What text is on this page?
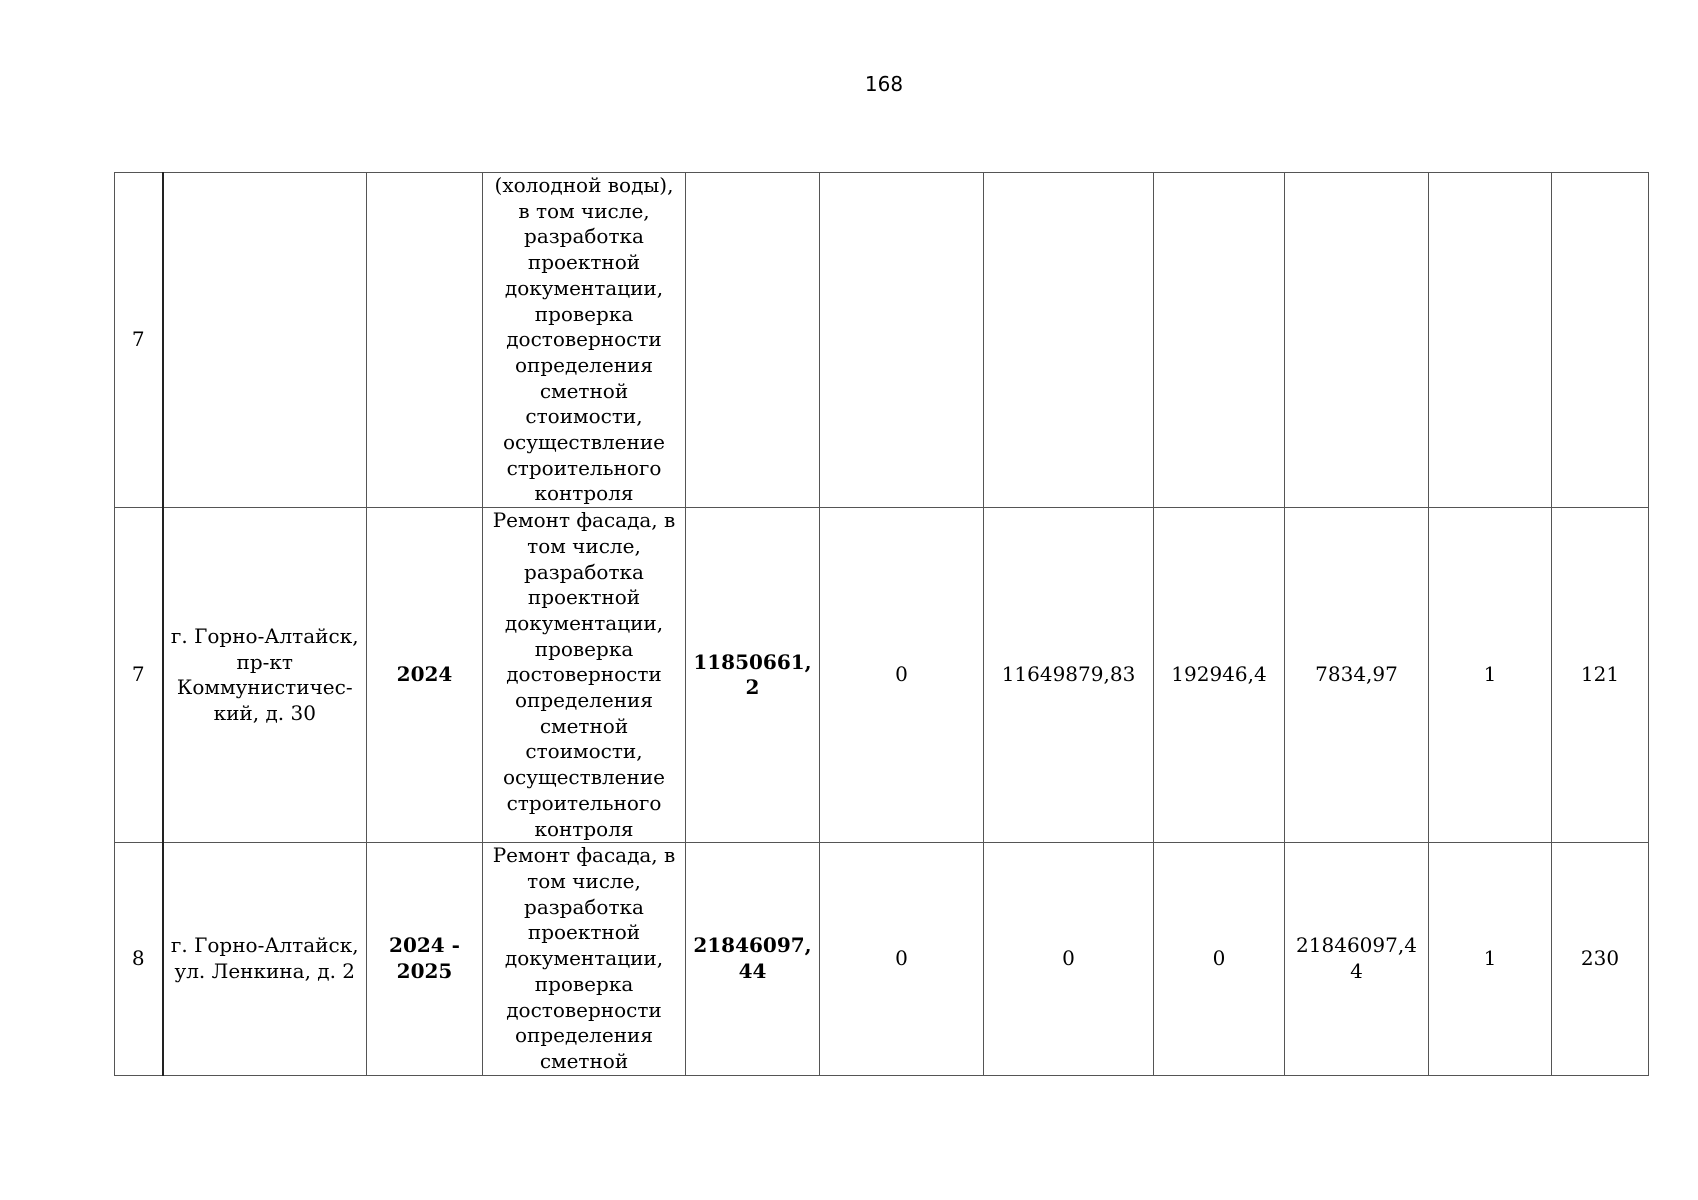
168
7			(холодной воды), в том числе, разработка проектной документации, проверка достоверности определения сметной стоимости, осуществление строительного контроля							
7	г. Горно-Алтайск, пр-кт Коммунистичес-кий, д. 30	2024	Ремонт фасада, в том числе, разработка проектной документации, проверка достоверности определения сметной стоимости, осуществление строительного контроля	11850661,2	0	11649879,83	192946,4	7834,97	1	121
8	г. Горно-Алтайск, ул. Ленкина, д. 2	2024 - 2025	Ремонт фасада, в том числе, разработка проектной документации, проверка достоверности определения сметной	21846097,44	0	0	0	21846097,44	1	230
